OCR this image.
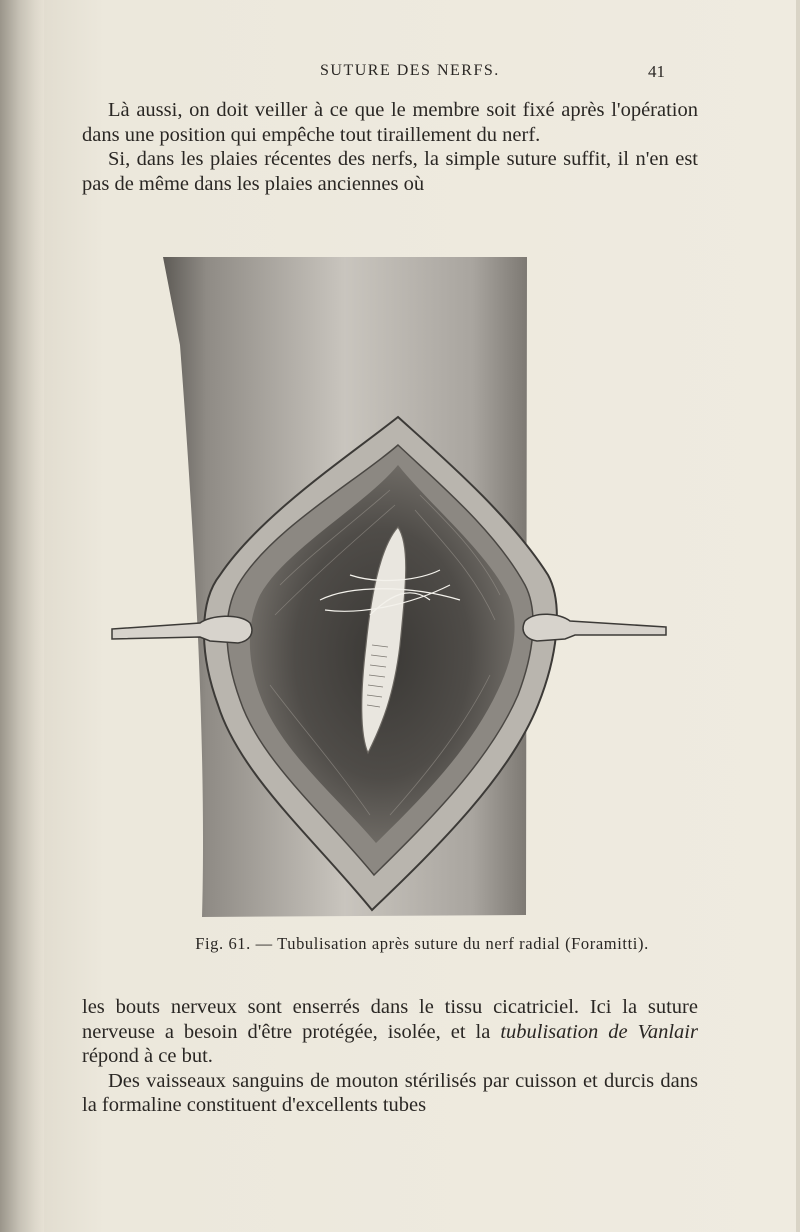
SUTURE DES NERFS.	41

Là aussi, on doit veiller à ce que le membre soit fixé après l'opération dans une position qui empêche tout tiraillement du nerf.

Si, dans les plaies récentes des nerfs, la simple suture suffit, il n'en est pas de même dans les plaies anciennes où

Fig. 61. — Tubulisation après suture du nerf radial (Foramitti).

les bouts nerveux sont enserrés dans le tissu cicatriciel. Ici la suture nerveuse a besoin d'être protégée, isolée, et la tubulisation de Vanlair répond à ce but.

Des vaisseaux sanguins de mouton stérilisés par cuisson et durcis dans la formaline constituent d'excellents tubes
